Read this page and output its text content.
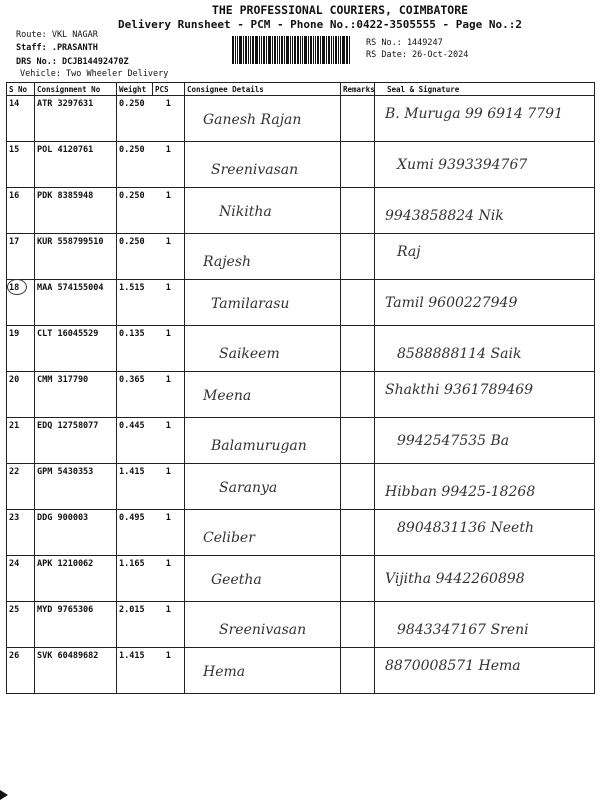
THE PROFESSIONAL COURIERS, COIMBATORE
Delivery Runsheet - PCM - Phone No.:0422-3505555 - Page No.:2
Route: VKL NAGAR
Staff: .PRASANTH
DRS No.: DCJB14492470Z
Vehicle: Two Wheeler Delivery
RS No.: 1449247
RS Date: 26-Oct-2024
S No	Consignment No	Weight	PCS	Consignee Details	Remarks	Seal & Signature
14	ATR 3297631	0.250	1	Ganesh Rajan		B. Muruga 99 6914 7791

15	POL 4120761	0.250	1	Sreenivasan		Xumi 9393394767

16	PDK 8385948	0.250	1	Nikitha		9943858824 Nik

17	KUR 558799510	0.250	1	Rajesh		Raj

18	MAA 574155004	1.515	1	Tamilarasu		Tamil 9600227949

19	CLT 16045529	0.135	1	Saikeem		8588888114 Saik

20	CMM 317790	0.365	1	Meena		Shakthi 9361789469

21	EDQ 12758077	0.445	1	Balamurugan		9942547535 Ba

22	GPM 5430353	1.415	1	Saranya		Hibban 99425-18268

23	DDG 900003	0.495	1	Celiber		8904831136 Neeth

24	APK 1210062	1.165	1	Geetha		Vijitha 9442260898

25	MYD 9765306	2.015	1	Sreenivasan		9843347167 Sreni

26	SVK 60489682	1.415	1	Hema		8870008571 Hema
